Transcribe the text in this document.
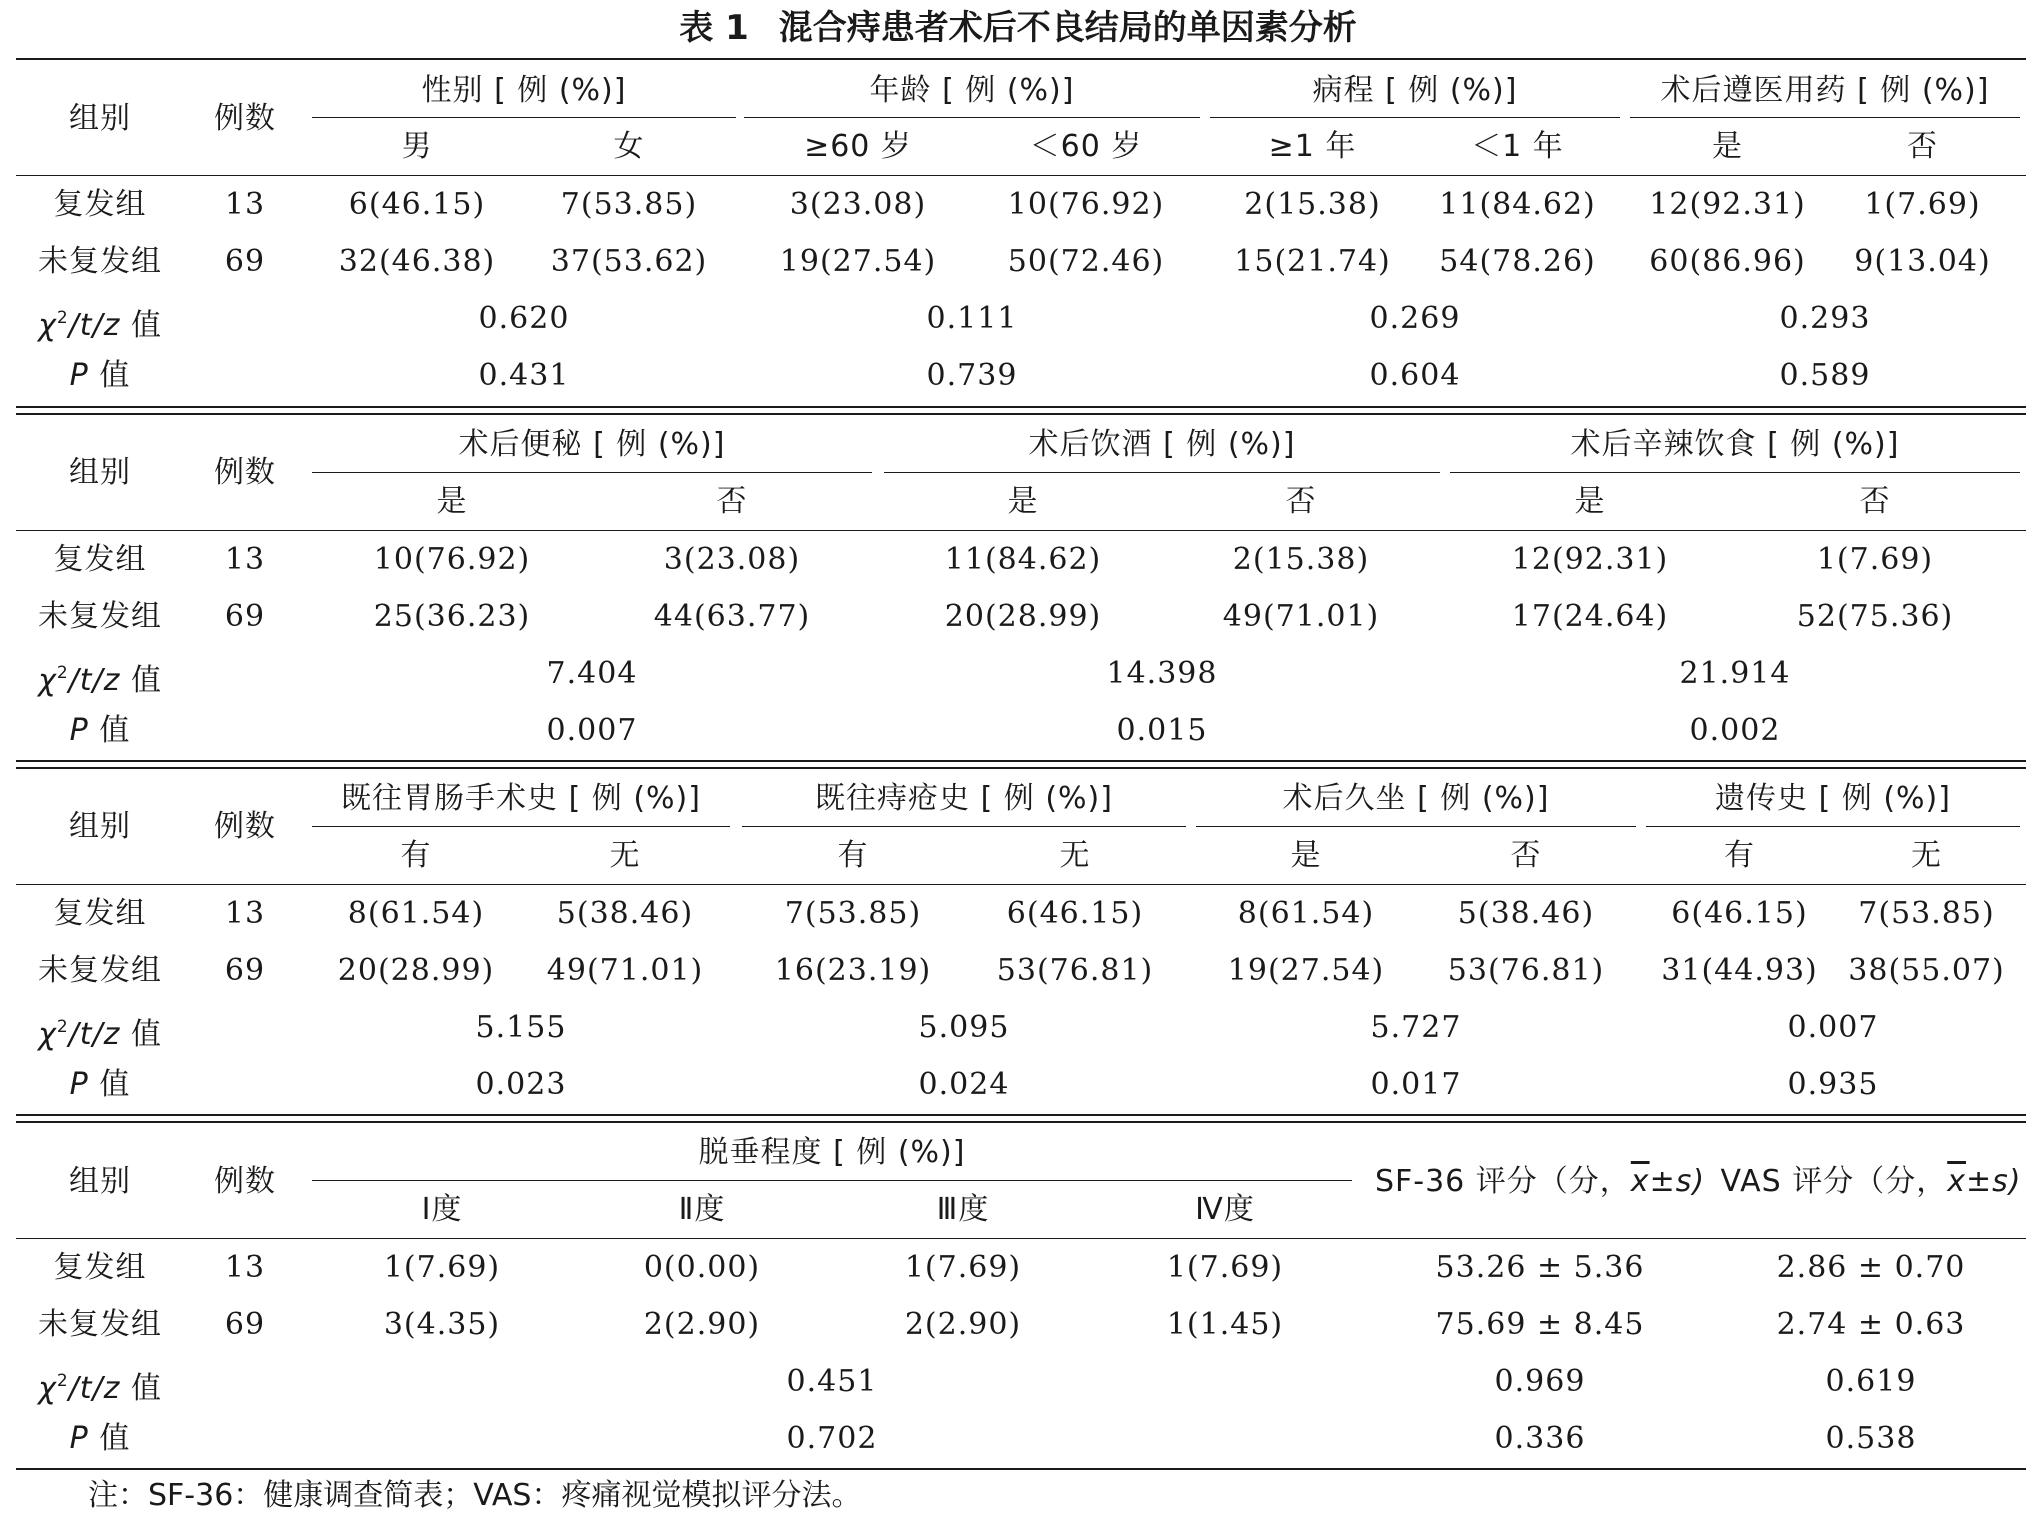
表 1 混合痔患者术后不良结局的单因素分析
组别	例数
性别 [ 例 (%)]	年龄 [ 例 (%)]	病程 [ 例 (%)]	术后遵医用药 [ 例 (%)]
男	女	≥60 岁	＜60 岁	≥1 年	＜1 年	是	否
复发组	13	6(46.15)	7(53.85)	3(23.08)	10(76.92)	2(15.38)	11(84.62)	12(92.31)	1(7.69)
未复发组	69	32(46.38)	37(53.62)	19(27.54)	50(72.46)	15(21.74)	54(78.26)	60(86.96)	9(13.04)
$\chi^2/t/z$ 值	0.620	0.111	0.269	0.293
P 值	0.431	0.739	0.604	0.589
组别	例数
术后便秘 [ 例 (%)]	术后饮酒 [ 例 (%)]	术后辛辣饮食 [ 例 (%)]
是	否	是	否	是	否
复发组	13	10(76.92)	3(23.08)	11(84.62)	2(15.38)	12(92.31)	1(7.69)
未复发组	69	25(36.23)	44(63.77)	20(28.99)	49(71.01)	17(24.64)	52(75.36)
$\chi^2/t/z$ 值	7.404	14.398	21.914
P 值	0.007	0.015	0.002
组别	例数
既往胃肠手术史 [ 例 (%)]	既往痔疮史 [ 例 (%)]	术后久坐 [ 例 (%)]	遗传史 [ 例 (%)]
有	无	有	无	是	否	有	无
复发组	13	8(61.54)	5(38.46)	7(53.85)	6(46.15)	8(61.54)	5(38.46)	6(46.15)	7(53.85)
未复发组	69	20(28.99)	49(71.01)	16(23.19)	53(76.81)	19(27.54)	53(76.81)	31(44.93)	38(55.07)
$\chi^2/t/z$ 值	5.155	5.095	5.727	0.007
P 值	0.023	0.024	0.017	0.935
组别	例数
脱垂程度 [ 例 (%)]
SF-36 评分（分，$\overline{x}\pm s$) VAS 评分（分，$\overline{x}\pm s$)
Ⅰ度	Ⅱ度	Ⅲ度	Ⅳ度
复发组	13	1(7.69)	0(0.00)	1(7.69)	1(7.69)	53.26 ± 5.36	2.86 ± 0.70
未复发组	69	3(4.35)	2(2.90)	2(2.90)	1(1.45)	75.69 ± 8.45	2.74 ± 0.63
$\chi^2/t/z$ 值	0.451	0.969	0.619
P 值	0.702	0.336	0.538
注：SF-36：健康调查简表；VAS：疼痛视觉模拟评分法。
